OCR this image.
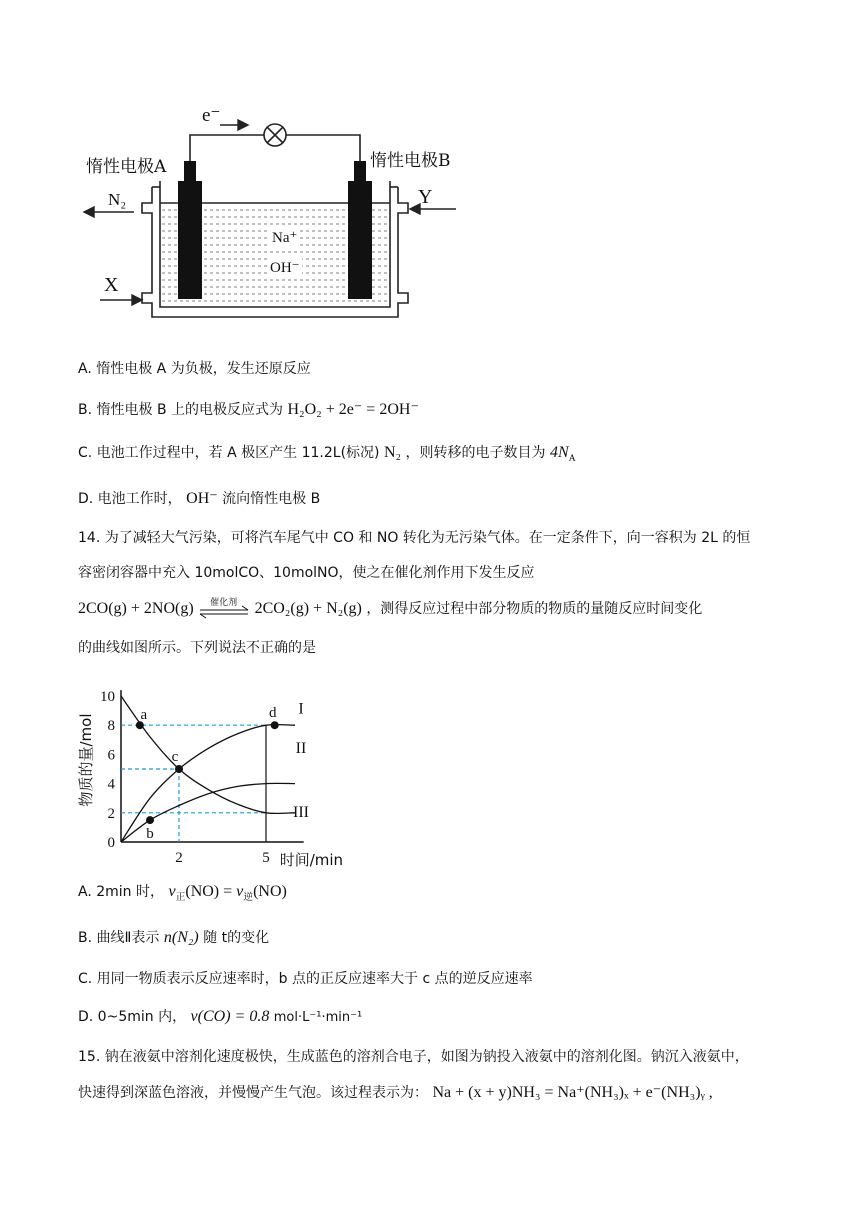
e⁻
惰性电极A	惰性电极B
N₂	Y
X
Na⁺
OH⁻
A. 惰性电极 A 为负极，发生还原反应
B. 惰性电极 B 上的电极反应式为 H₂O₂ + 2e⁻ = 2OH⁻
C. 电池工作过程中，若 A 极区产生 11.2L(标况) N₂ ，则转移的电子数目为 $4N_A$
D. 电池工作时， OH⁻ 流向惰性电极 B
14. 为了减轻大气污染，可将汽车尾气中 CO 和 NO 转化为无污染气体。在一定条件下，向一容积为 2L 的恒
容密闭容器中充入 10molCO、10molNO，使之在催化剂作用下发生反应
2CO(g) + 2NO(g) 催化剂 2CO₂(g) + N₂(g) ，测得反应过程中部分物质的物质的量随反应时间变化
的曲线如图所示。下列说法不正确的是
0
2
4
6
8
10
2	5
物质的量/mol
时间/min
a
b
c
d I
II
III
A. 2min 时， $v_正(NO) = v_逆(NO)$
B. 曲线Ⅱ表示 n(N₂) 随 t的变化
C. 用同一物质表示反应速率时，b 点的正反应速率大于 c 点的逆反应速率
D. 0~5min 内， v(CO) = 0.8 mol·L⁻¹·min⁻¹
15. 钠在液氨中溶剂化速度极快，生成蓝色的溶剂合电子，如图为钠投入液氨中的溶剂化图。钠沉入液氨中，
快速得到深蓝色溶液，并慢慢产生气泡。该过程表示为： Na + (x + y)NH₃ = Na⁺(NH₃)ₓ + e⁻(NH₃)ᵧ ,
